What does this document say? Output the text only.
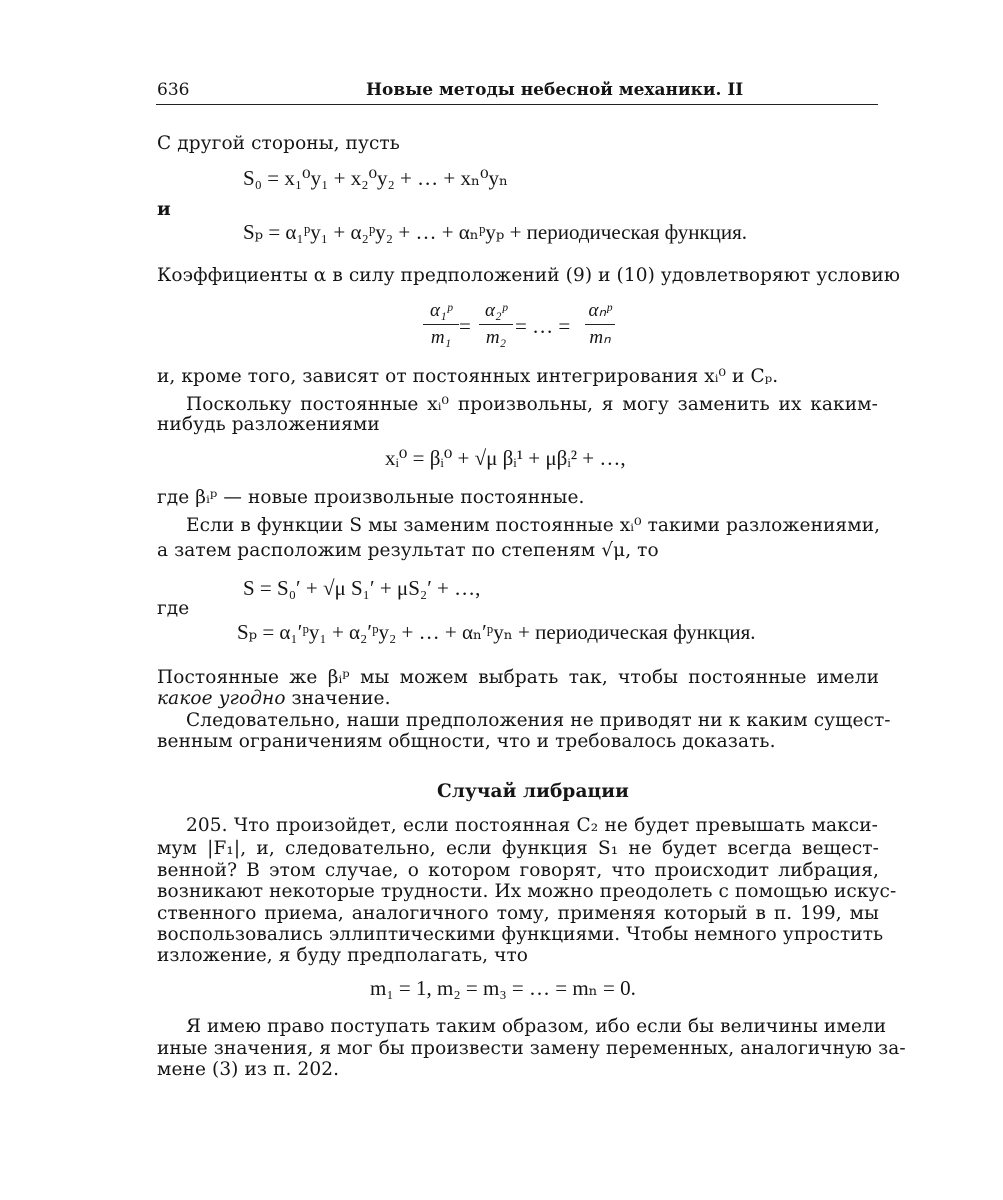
636	Новые методы небесной механики. II
С другой стороны, пусть
S₀ = x₁⁰y₁ + x₂⁰y₂ + … + xₙ⁰yₙ
и
Sₚ = α₁ᵖy₁ + α₂ᵖy₂ + … + αₙᵖyₚ + периодическая функция.
Коэффициенты α в силу предположений (9) и (10) удовлетворяют условию
α₁ᵖ
m₁ =
α₂ᵖ
m₂ = … =
αₙᵖ
mₙ
и, кроме того, зависят от постоянных интегрирования xᵢ⁰ и Cₚ.
Поскольку постоянные xᵢ⁰ произвольны, я могу заменить их каким-
нибудь разложениями
xᵢ⁰ = βᵢ⁰ + √μ βᵢ¹ + μβᵢ² + …,
где βᵢᵖ — новые произвольные постоянные.
Если в функции S мы заменим постоянные xᵢ⁰ такими разложениями,
а затем расположим результат по степеням √μ, то
S = S₀′ + √μ S₁′ + μS₂′ + …,
где
Sₚ = α₁′ᵖy₁ + α₂′ᵖy₂ + … + αₙ′ᵖyₙ + периодическая функция.
Постоянные же βᵢᵖ мы можем выбрать так, чтобы постоянные имели
какое угодно значение.
Следовательно, наши предположения не приводят ни к каким сущест-
венным ограничениям общности, что и требовалось доказать.
Случай либрации
205. Что произойдет, если постоянная C₂ не будет превышать макси-
мум |F₁|, и, следовательно, если функция S₁ не будет всегда вещест-
венной? В этом случае, о котором говорят, что происходит либрация,
возникают некоторые трудности. Их можно преодолеть с помощью искус-
ственного приема, аналогичного тому, применяя который в п. 199, мы
воспользовались эллиптическими функциями. Чтобы немного упростить
изложение, я буду предполагать, что
m₁ = 1, m₂ = m₃ = … = mₙ = 0.
Я имею право поступать таким образом, ибо если бы величины имели
иные значения, я мог бы произвести замену переменных, аналогичную за-
мене (3) из п. 202.
